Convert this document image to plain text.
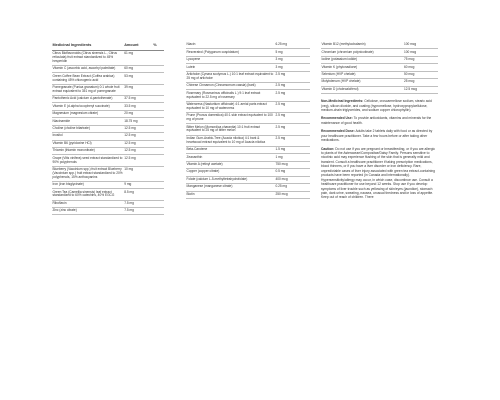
Medicinal Ingredients	Amount	%
Citrus Bioflavonoids (Citrus sinensis L., Citrus reticulata) fruit extract standardized to 45% hesperidin	61 mg	
Vitamin C (ascorbic acid, ascorbyl palmitate)	60 mg	
Green Coffee Bean Extract (Coffea arabica) containing 45% chlorogenic acid	53 mg	
Pomegranate (Punica granatum) 0:1 whole fruit extract equivalent to 351 mg of pomegranate	39 mg	
Pantothenic Acid (calcium d-pantothenate)	37.5 mg	
Vitamin E (d-alpha tocopheryl succinate)	33.5 mg	
Magnesium (magnesium citrate)	20 mg	
Niacinamide	18.75 mg	
Choline (choline bitartrate)	12.5 mg	
Inositol	12.5 mg	
Vitamin B6 (pyridoxine HCl)	12.5 mg	
Thiamin (thiamin mononitrate)	12.5 mg	
Grape (Vitis vinifera) seed extract standardized to 90% polyphenols	12.5 mg	
Blueberry (Vaccinium spp.) fruit extract Blueberry (Vaccinium spp.) fruit extract standardized to 20% polyphenols, 15% anthocyanins	10 mg	
Iron (iron bisglycinate)	9 mg	
Green Tea (Camellia sinensis) leaf extract standardized to 60% catechins, 40% EGCG	8.5 mg	
Riboflavin	7.5 mg	
Zinc (zinc citrate)	7.5 mg	
Niacin	6.25 mg
Resveratrol (Polygonum cuspidatum)	5 mg
Lycopene	3 mg
Lutein	3 mg
Artichoke (Cynara scolymus L.) 10:1 leaf extract equivalent to 25 mg of artichoke	2.5 mg
Chinese Cinnamon (Cinnamomum cassia) (bark)	2.5 mg
Rosemary (Rosmarinus officinalis L.) 9:1 leaf extract equivalent to 22.5 mg of rosemary	2.5 mg
Watercress (Nasturtium officinale) 4:1 aerial parts extract equivalent to 10 mg of watercress	2.5 mg
Prune (Prunus domestica) 40:1 skin extract equivalent to 100 mg of prune	2.5 mg
Bitter Melon (Momordica charantia) 10:1 fruit extract equivalent to 25 mg of bitter melon	2.5 mg
Indian Gum-Arabic-Tree (Acacia nilotica) 4:1 bark & heartwood extract equivalent to 10 mg of Acacia nilotica	2.5 mg
Beta-Carotene	1.5 mg
Zeaxanthin	1 mg
Vitamin A (retinyl acetate)	750 mcg
Copper (copper citrate)	0.5 mg
Folate (calcium L-5-methyltetrahydrofolate)	400 mcg
Manganese (manganese citrate)	0.25 mg
Biotin	250 mcg
Vitamin B12 (methylcobalamin)	100 mcg
Chromium (chromium polynicotinate)	100 mcg
Iodine (potassium iodide)	75 mcg
Vitamin K (phytonadione)	60 mcg
Selenium (HVP chelate)	50 mcg
Molybdenum (HVP chelate)	25 mcg
Vitamin D (cholecalciferol)	12.5 mcg

Non-Medicinal Ingredients: Cellulose, croscarmellose sodium, stearic acid (veg), silicon dioxide, and coating (hypromellose, hydroxypropylcellulose, medium-chain triglycerides, and sodium copper chlorophyllin).

Recommended Use: To provide antioxidants, vitamins and minerals for the maintenance of good health.

Recommended Dose: Adults take 2 tablets daily with food or as directed by your healthcare practitioner. Take a few hours before or after taking other medications.

Caution: Do not use if you are pregnant or breastfeeding, or if you are allergic to plants of the Asteraceae/Compositae/Daisy Family. Persons sensitive to nicotinic acid may experience flushing of the skin that is generally mild and transient. Consult a healthcare practitioner if taking prescription medications, blood thinners, or if you have a liver disorder or iron deficiency. Rare, unpredictable cases of liver injury associated with green tea extract-containing products have been reported (in Canada and internationally). Hypersensitivity/allergy may occur, in which case, discontinue use. Consult a healthcare practitioner for use beyond 12 weeks. Stop use if you develop symptoms of liver trouble such as yellowing of skin/eyes (jaundice), stomach pain, dark urine, sweating, nausea, unusual tiredness and/or loss of appetite. Keep out of reach of children. There
